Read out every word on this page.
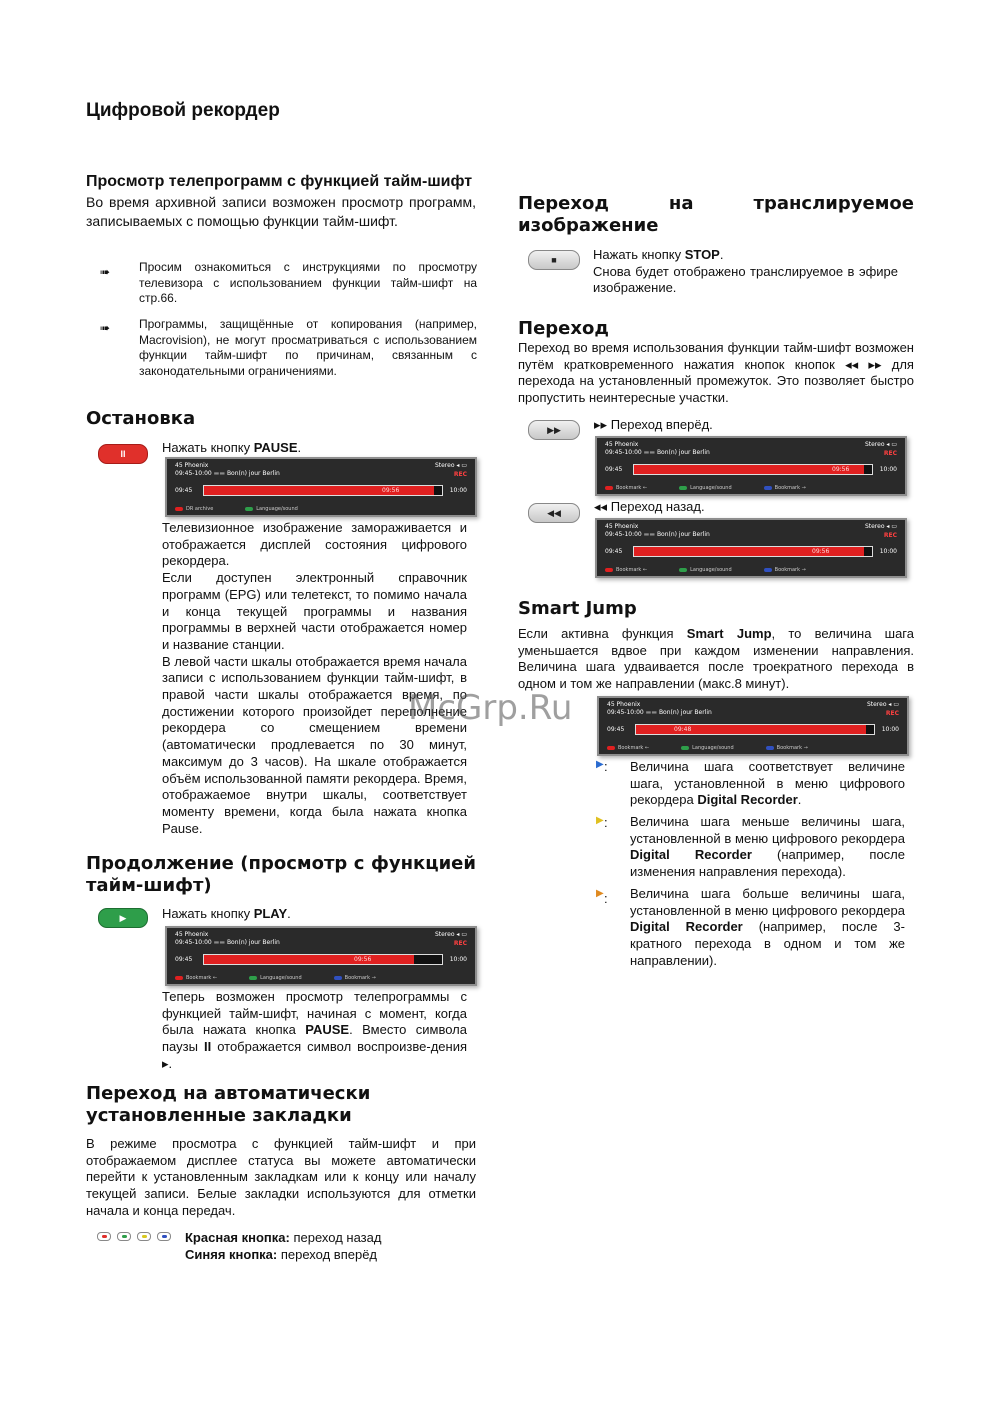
Цифровой рекордер
Просмотр телепрограмм с функцией тайм-шифт
Во время архивной записи возможен просмотр программ, записываемых с помощью функции тайм-шифт.
➠ Просим ознакомиться с инструкциями по просмотру телевизора с использованием функции тайм-шифт на стр.66.
➠ Программы, защищённые от копирования (например, Macrovision), не могут просматриваться с использованием функции тайм-шифт по причинам, связанным с законодательными ограничениями.
Остановка
II	Нажать кнопку PAUSE.
45 Phoenix
09:45-10:00 ▬▬ Bon(n) jour Berlin
Stereo ◂ ▭
REC
09:45	09:56	10:00
DR archive	Language/sound
Телевизионное изображение замораживается и отображается дисплей состояния цифрового рекордера.
Если доступен электронный справочник программ (EPG) или телетекст, то помимо начала и конца текущей программы и названия программы в верхней части отображается номер и название станции.
В левой части шкалы отображается время начала записи с использованием функции тайм-шифт, в правой части шкалы отображается время, по достижении которого произойдет переполнение рекордера со смещением времени (автоматически продлевается по 30 минут, максимум до 3 часов). На шкале отображается объём использованной памяти рекордера. Время, отображаемое внутри шкалы, соответствует моменту времени, когда была нажата кнопка Pause.
Продолжение (просмотр с функцией тайм-шифт)
▶	Нажать кнопку PLAY.
45 Phoenix
09:45-10:00 ▬▬ Bon(n) jour Berlin
Stereo ◂ ▭
REC
09:45	09:56	10:00
Bookmark ←	Language/sound	Bookmark →
Теперь возможен просмотр телепрограммы с функцией тайм-шифт, начиная с момент, когда была нажата кнопка PAUSE. Вместо символа паузы II отображается символ воспроизве-дения ▸.
Переход на автоматически установленные закладки
В режиме просмотра с функцией тайм-шифт и при отображаемом дисплее статуса вы можете автоматически перейти к установленным закладкам или к концу или началу текущей записи. Белые закладки используются для отметки начала и конца передач.
Красная кнопка: переход назад
Синяя кнопка: переход вперёд
Переход на транслируемое изображение
■	Нажать кнопку STOP.
Снова будет отображено транслируемое в эфире изображение.
Переход
Переход во время использования функции тайм-шифт возможен путём кратковременного нажатия кнопок кнопок ◂◂ ▸▸ для перехода на установленный промежуток. Это позволяет быстро пропустить неинтересные участки.
▶▶	▸▸ Переход вперёд.
45 Phoenix
09:45-10:00 ▬▬ Bon(n) jour Berlin
Stereo ◂ ▭
REC
09:45	09:56	10:00
Bookmark ←	Language/sound	Bookmark →
◀◀	◂◂ Переход назад.
45 Phoenix
09:45-10:00 ▬▬ Bon(n) jour Berlin
Stereo ◂ ▭
REC
09:45	09:56	10:00
Bookmark ←	Language/sound	Bookmark →
Smart Jump
Если активна функция Smart Jump, то величина шага уменьшается вдвое при каждом изменении направления. Величина шага удваивается после троекратного перехода в одном и том же направлении (макс.8 минут).
45 Phoenix
09:45-10:00 ▬▬ Bon(n) jour Berlin
Stereo ◂ ▭
REC
09:45	09:48	10:00
Bookmark ←	Language/sound	Bookmark →
▶ : Величина шага соответствует величине шага, установленной в меню цифрового рекордера Digital Recorder.
▶ : Величина шага меньше величины шага, установленной в меню цифрового рекордера Digital Recorder (например, после изменения направления перехода).
▶ : Величина шага больше величины шага, установленной в меню цифрового рекордера Digital Recorder (например, после 3-кратного перехода в одном и том же направлении).
McGrp.Ru
